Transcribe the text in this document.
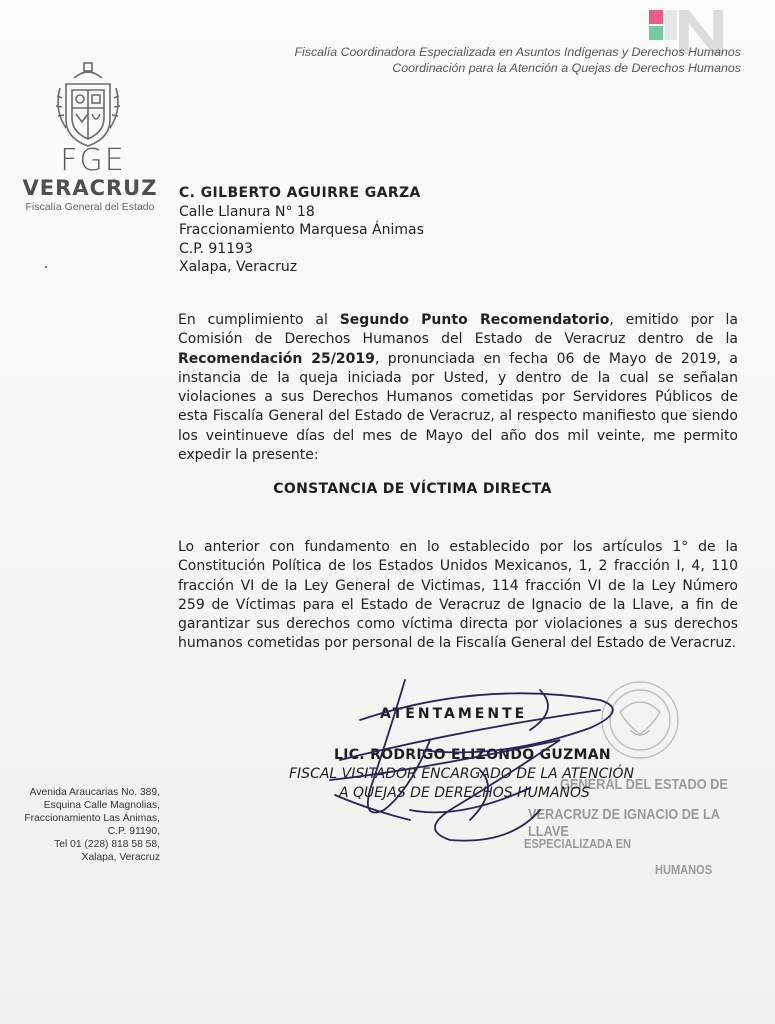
Fiscalía Coordinadora Especializada en Asuntos Indígenas y Derechos Humanos
Coordinación para la Atención a Quejas de Derechos Humanos
FGE
VERACRUZ
Fiscalía General del Estado
C. GILBERTO AGUIRRE GARZA
Calle Llanura N° 18
Fraccionamiento Marquesa Ánimas
C.P. 91193
Xalapa, Veracruz
En cumplimiento al Segundo Punto Recomendatorio, emitido por la Comisión de Derechos Humanos del Estado de Veracruz dentro de la Recomendación 25/2019, pronunciada en fecha 06 de Mayo de 2019, a instancia de la queja iniciada por Usted, y dentro de la cual se señalan violaciones a sus Derechos Humanos cometidas por Servidores Públicos de esta Fiscalía General del Estado de Veracruz, al respecto manifiesto que siendo los veintinueve días del mes de Mayo del año dos mil veinte, me permito expedir la presente:
CONSTANCIA DE VÍCTIMA DIRECTA
Lo anterior con fundamento en lo establecido por los artículos 1° de la Constitución Política de los Estados Unidos Mexicanos, 1, 2 fracción I, 4, 110 fracción VI de la Ley General de Victimas, 114 fracción VI de la Ley Número 259 de Víctimas para el Estado de Veracruz de Ignacio de la Llave, a fin de garantizar sus derechos como víctima directa por violaciones a sus derechos humanos cometidas por personal de la Fiscalía General del Estado de Veracruz.
GENERAL DEL ESTADO DE
VERACRUZ DE IGNACIO DE LA LLAVE
ESPECIALIZADA EN
HUMANOS
ATENTAMENTE
LIC. RODRIGO ELIZONDO GUZMAN
FISCAL VISITADOR ENCARGADO DE LA ATENCIÓN
A QUEJAS DE DERECHOS HUMANOS
Avenida Araucarias No. 389,
Esquina Calle Magnolias,
Fraccionamiento Las Ánimas,
C.P. 91190,
Tel 01 (228) 818 58 58,
Xalapa, Veracruz
